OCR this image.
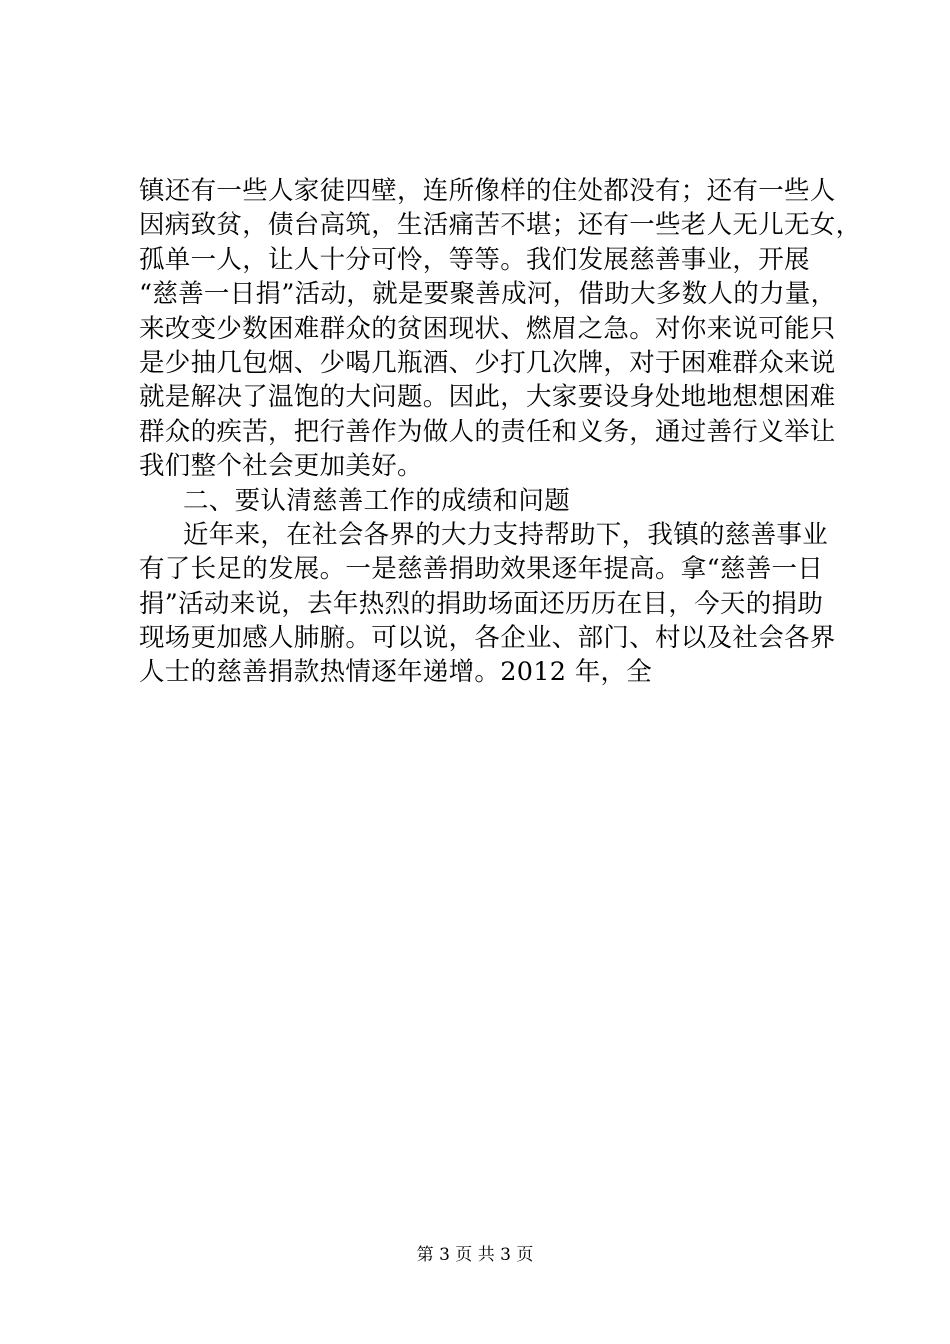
镇还有一些人家徒四壁，连所像样的住处都没有；还有一些人
因病致贫，债台高筑，生活痛苦不堪；还有一些老人无儿无女，
孤单一人，让人十分可怜，等等。我们发展慈善事业，开展
“慈善一日捐”活动，就是要聚善成河，借助大多数人的力量，
来改变少数困难群众的贫困现状、燃眉之急。对你来说可能只
是少抽几包烟、少喝几瓶酒、少打几次牌，对于困难群众来说
就是解决了温饱的大问题。因此，大家要设身处地地想想困难
群众的疾苦，把行善作为做人的责任和义务，通过善行义举让
我们整个社会更加美好。
二、要认清慈善工作的成绩和问题
近年来，在社会各界的大力支持帮助下，我镇的慈善事业
有了长足的发展。一是慈善捐助效果逐年提高。拿“慈善一日
捐”活动来说，去年热烈的捐助场面还历历在目，今天的捐助
现场更加感人肺腑。可以说，各企业、部门、村以及社会各界
人士的慈善捐款热情逐年递增。2012 年，全
第 3 页 共 3 页
